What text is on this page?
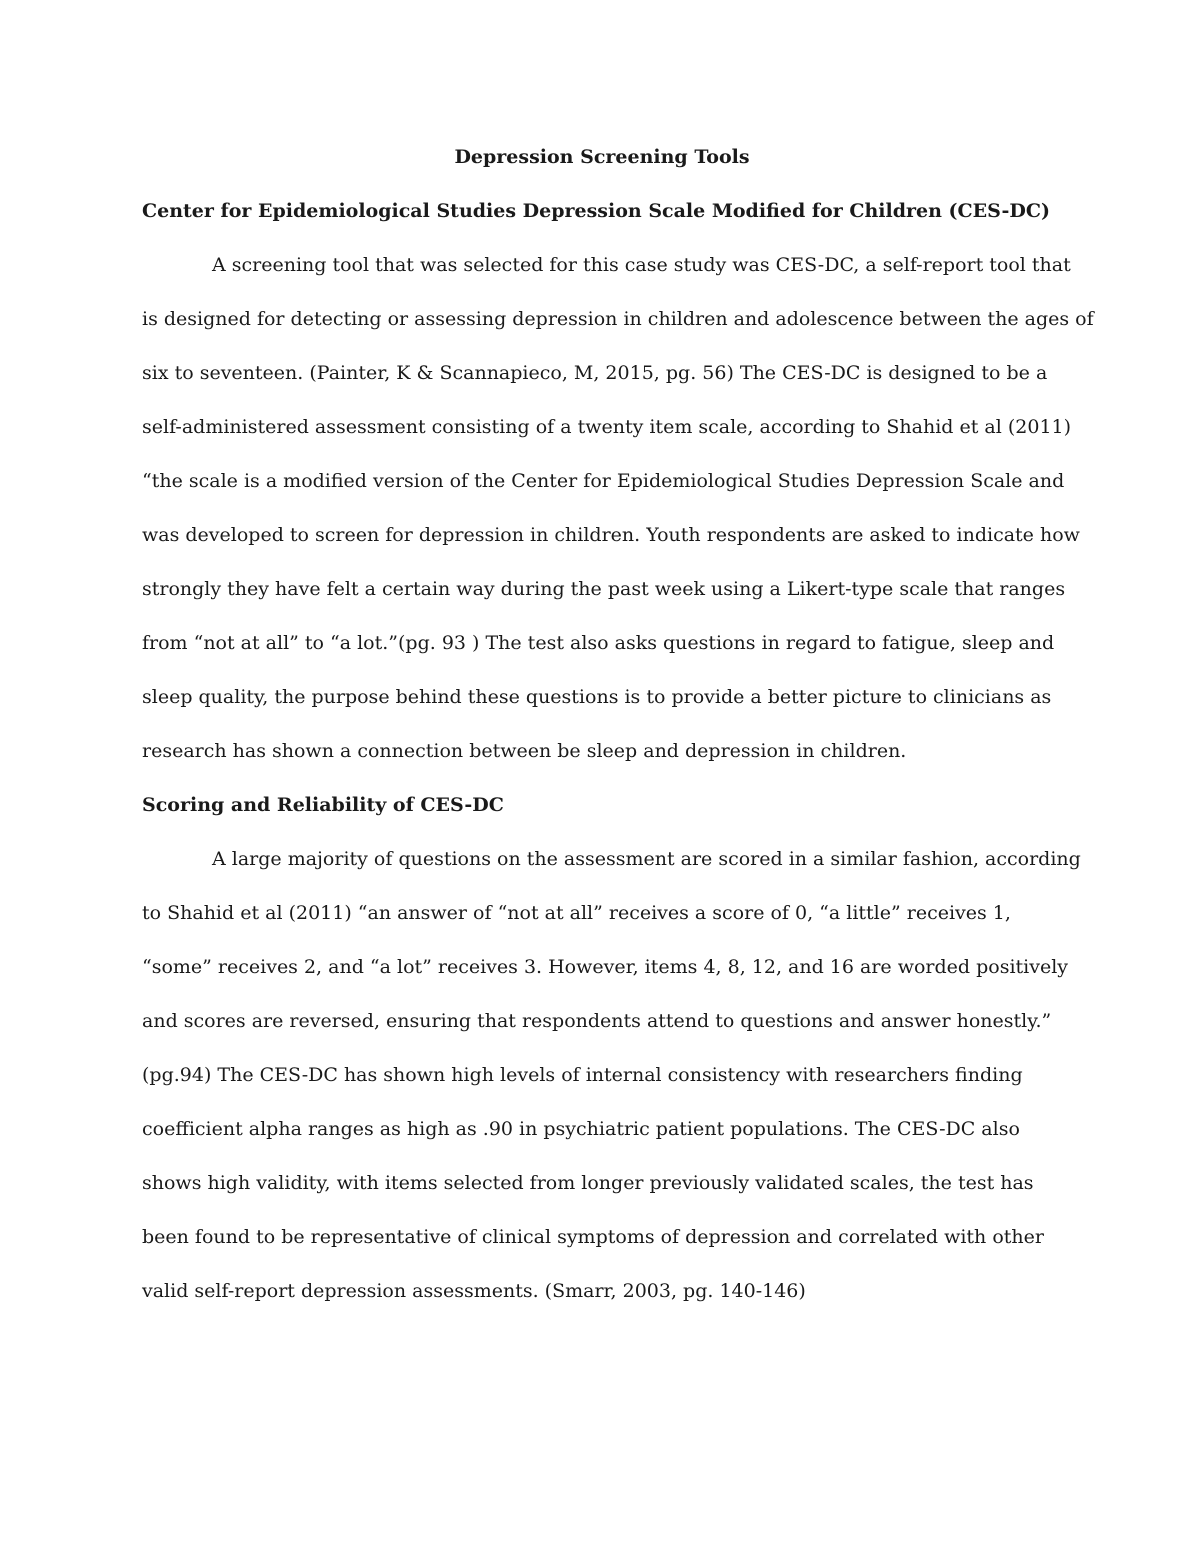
Depression Screening Tools
Center for Epidemiological Studies Depression Scale Modified for Children (CES-DC)
A screening tool that was selected for this case study was CES-DC, a self-report tool that
is designed for detecting or assessing depression in children and adolescence between the ages of
six to seventeen. (Painter, K & Scannapieco, M, 2015, pg. 56) The CES-DC is designed to be a
self-administered assessment consisting of a twenty item scale, according to Shahid et al (2011)
“the scale is a modified version of the Center for Epidemiological Studies Depression Scale and
was developed to screen for depression in children. Youth respondents are asked to indicate how
strongly they have felt a certain way during the past week using a Likert-type scale that ranges
from “not at all” to “a lot.”(pg. 93 ) The test also asks questions in regard to fatigue, sleep and
sleep quality, the purpose behind these questions is to provide a better picture to clinicians as
research has shown a connection between be sleep and depression in children.
Scoring and Reliability of CES-DC
A large majority of questions on the assessment are scored in a similar fashion, according
to Shahid et al (2011) “an answer of “not at all” receives a score of 0, “a little” receives 1,
“some” receives 2, and “a lot” receives 3. However, items 4, 8, 12, and 16 are worded positively
and scores are reversed, ensuring that respondents attend to questions and answer honestly.”
(pg.94) The CES-DC has shown high levels of internal consistency with researchers finding
coefficient alpha ranges as high as .90 in psychiatric patient populations. The CES-DC also
shows high validity, with items selected from longer previously validated scales, the test has
been found to be representative of clinical symptoms of depression and correlated with other
valid self-report depression assessments. (Smarr, 2003, pg. 140-146)
